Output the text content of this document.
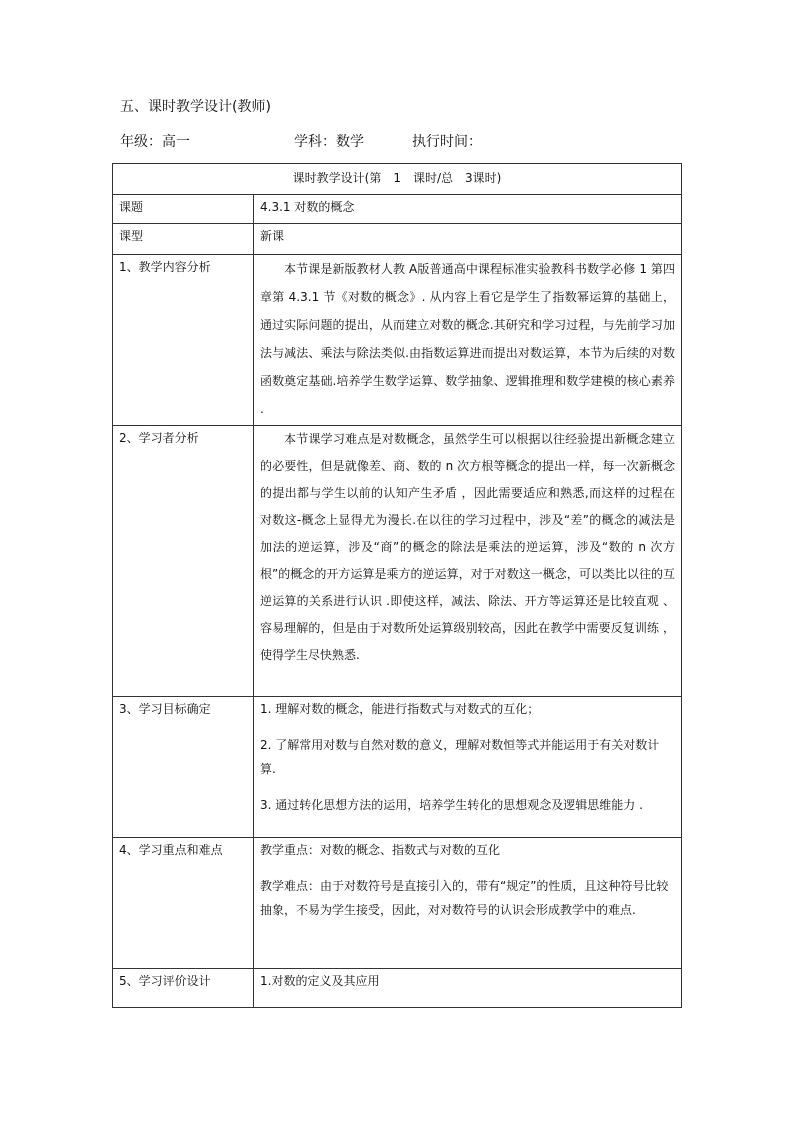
五、课时教学设计(教师)
年级：高一	学科：数学	执行时间：
课时教学设计(第　1　课时/总　3课时)	
课题	4.3.1 对数的概念

课型	新课

1、教学内容分析	本节课是新版教材人教 A版普通高中课程标准实验教科书数学必修 1 第四章第 4.3.1 节《对数的概念》. 从内容上看它是学生了指数幂运算的基础上，通过实际问题的提出，从而建立对数的概念.其研究和学习过程，与先前学习加法与减法、乘法与除法类似.由指数运算进而提出对数运算，本节为后续的对数函数奠定基础.培养学生数学运算、数学抽象、逻辑推理和数学建模的核心素养 .

2、学习者分析	本节课学习难点是对数概念，虽然学生可以根据以往经验提出新概念建立的必要性，但是就像差、商、数的 n 次方根等概念的提出一样，每一次新概念的提出都与学生以前的认知产生矛盾 ，因此需要适应和熟悉,而这样的过程在对数这-概念上显得尤为漫长.在以往的学习过程中，涉及“差”的概念的减法是加法的逆运算，涉及“商”的概念的除法是乘法的逆运算，涉及“数的 n 次方根”的概念的开方运算是乘方的逆运算，对于对数这一概念，可以类比以往的互逆运算的关系进行认识 .即使这样，减法、除法、开方等运算还是比较直观 、容易理解的，但是由于对数所处运算级别较高，因此在教学中需要反复训练 ，使得学生尽快熟悉.

3、学习目标确定	1. 理解对数的概念，能进行指数式与对数式的互化；

2. 了解常用对数与自然对数的意义，理解对数恒等式并能运用于有关对数计算.

3. 通过转化思想方法的运用，培养学生转化的思想观念及逻辑思维能力 .

4、学习重点和难点	教学重点：对数的概念、指数式与对数的互化

教学难点：由于对数符号是直接引入的，带有“规定”的性质，且这种符号比较抽象，不易为学生接受，因此，对对数符号的认识会形成教学中的难点.

5、学习评价设计	1.对数的定义及其应用
